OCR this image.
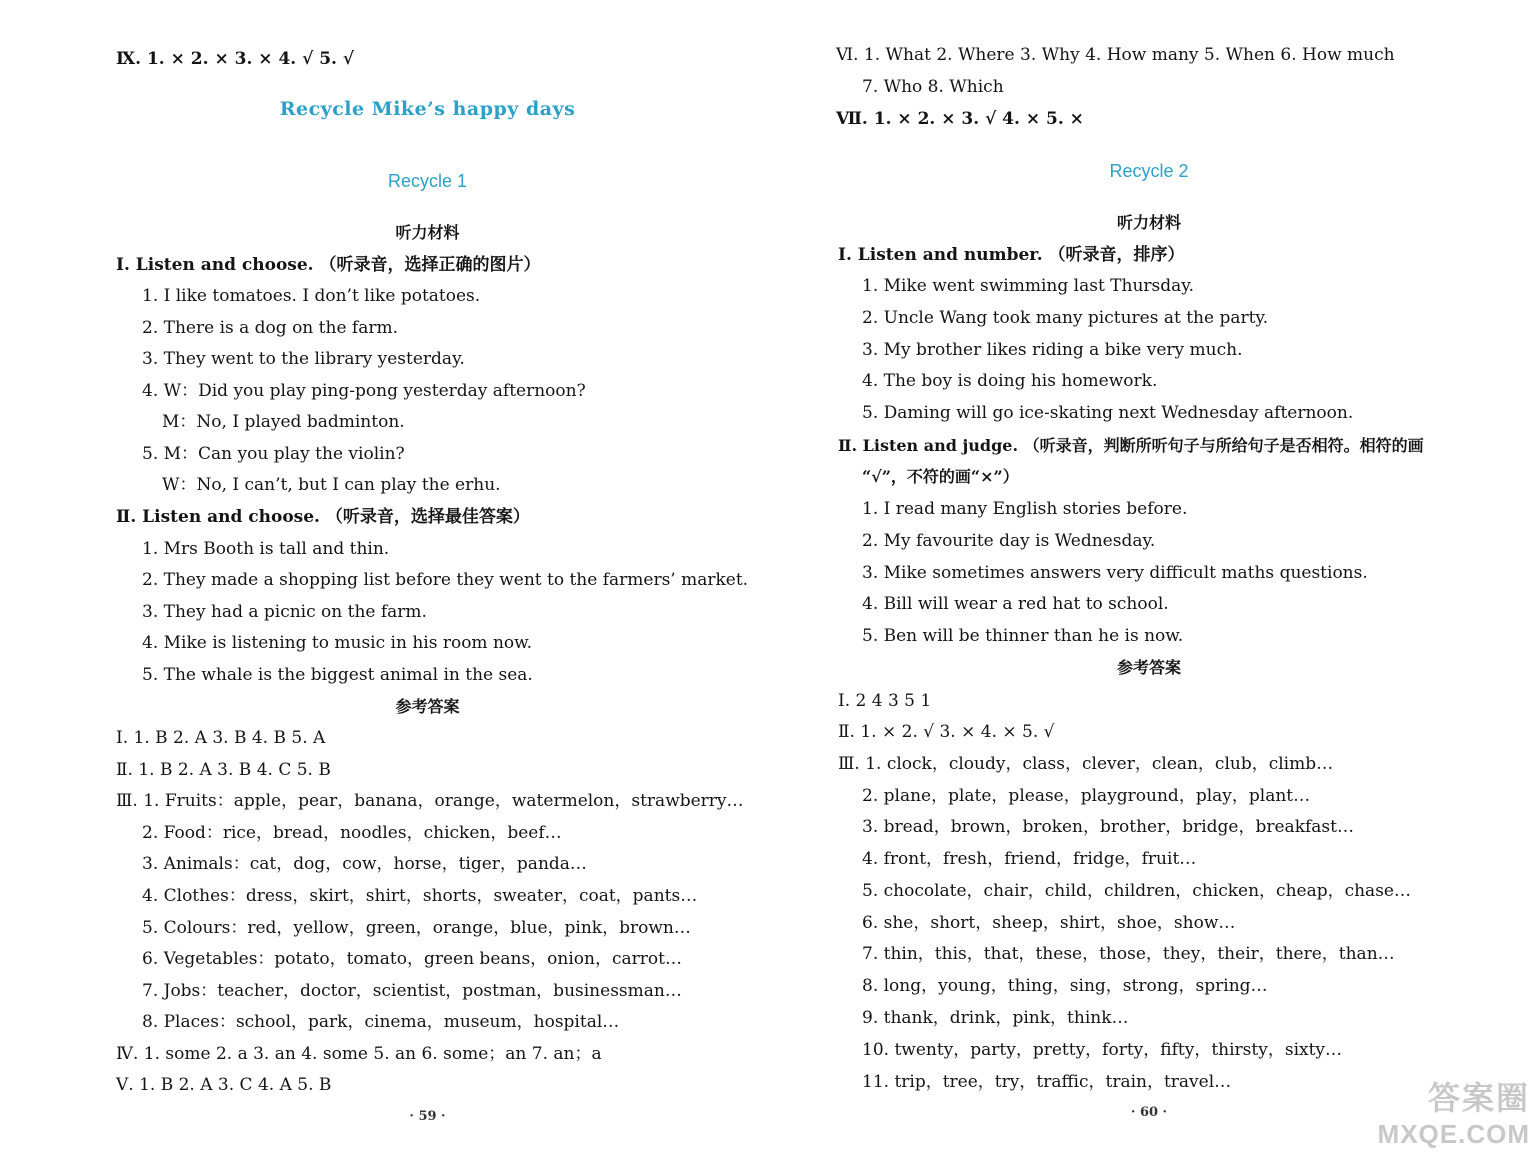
Ⅸ. 1. × 2. × 3. × 4. √ 5. √
Recycle Mike’s happy days
Recycle 1
听力材料
Ⅰ. Listen and choose. （听录音，选择正确的图片）
1. I like tomatoes. I don’t like potatoes.
2. There is a dog on the farm.
3. They went to the library yesterday.
4. W：Did you play ping-pong yesterday afternoon?
M：No, I played badminton.
5. M：Can you play the violin?
W：No, I can’t, but I can play the erhu.
Ⅱ. Listen and choose. （听录音，选择最佳答案）
1. Mrs Booth is tall and thin.
2. They made a shopping list before they went to the farmers’ market.
3. They had a picnic on the farm.
4. Mike is listening to music in his room now.
5. The whale is the biggest animal in the sea.
参考答案
Ⅰ. 1. B 2. A 3. B 4. B 5. A
Ⅱ. 1. B 2. A 3. B 4. C 5. B
Ⅲ. 1. Fruits：apple，pear，banana，orange，watermelon，strawberry…
2. Food：rice，bread，noodles，chicken，beef…
3. Animals：cat，dog，cow，horse，tiger，panda…
4. Clothes：dress，skirt，shirt，shorts，sweater，coat，pants…
5. Colours：red，yellow，green，orange，blue，pink，brown…
6. Vegetables：potato，tomato，green beans，onion，carrot…
7. Jobs：teacher，doctor，scientist，postman，businessman…
8. Places：school，park，cinema，museum，hospital…
Ⅳ. 1. some 2. a 3. an 4. some 5. an 6. some；an 7. an；a
Ⅴ. 1. B 2. A 3. C 4. A 5. B
· 59 ·
Ⅵ. 1. What 2. Where 3. Why 4. How many 5. When 6. How much
7. Who 8. Which
Ⅶ. 1. × 2. × 3. √ 4. × 5. ×
Recycle 2
听力材料
Ⅰ. Listen and number. （听录音，排序）
1. Mike went swimming last Thursday.
2. Uncle Wang took many pictures at the party.
3. My brother likes riding a bike very much.
4. The boy is doing his homework.
5. Daming will go ice-skating next Wednesday afternoon.
Ⅱ. Listen and judge. （听录音，判断所听句子与所给句子是否相符。相符的画
“√”，不符的画“×”）
1. I read many English stories before.
2. My favourite day is Wednesday.
3. Mike sometimes answers very difficult maths questions.
4. Bill will wear a red hat to school.
5. Ben will be thinner than he is now.
参考答案
Ⅰ. 2 4 3 5 1
Ⅱ. 1. × 2. √ 3. × 4. × 5. √
Ⅲ. 1. clock，cloudy，class，clever，clean，club，climb…
2. plane，plate，please，playground，play，plant…
3. bread，brown，broken，brother，bridge，breakfast…
4. front，fresh，friend，fridge，fruit…
5. chocolate，chair，child，children，chicken，cheap，chase…
6. she，short，sheep，shirt，shoe，show…
7. thin，this，that，these，those，they，their，there，than…
8. long，young，thing，sing，strong，spring…
9. thank，drink，pink，think…
10. twenty，party，pretty，forty，fifty，thirsty，sixty…
11. trip，tree，try，traffic，train，travel…
· 60 ·	答案圈
MXQE.COM
